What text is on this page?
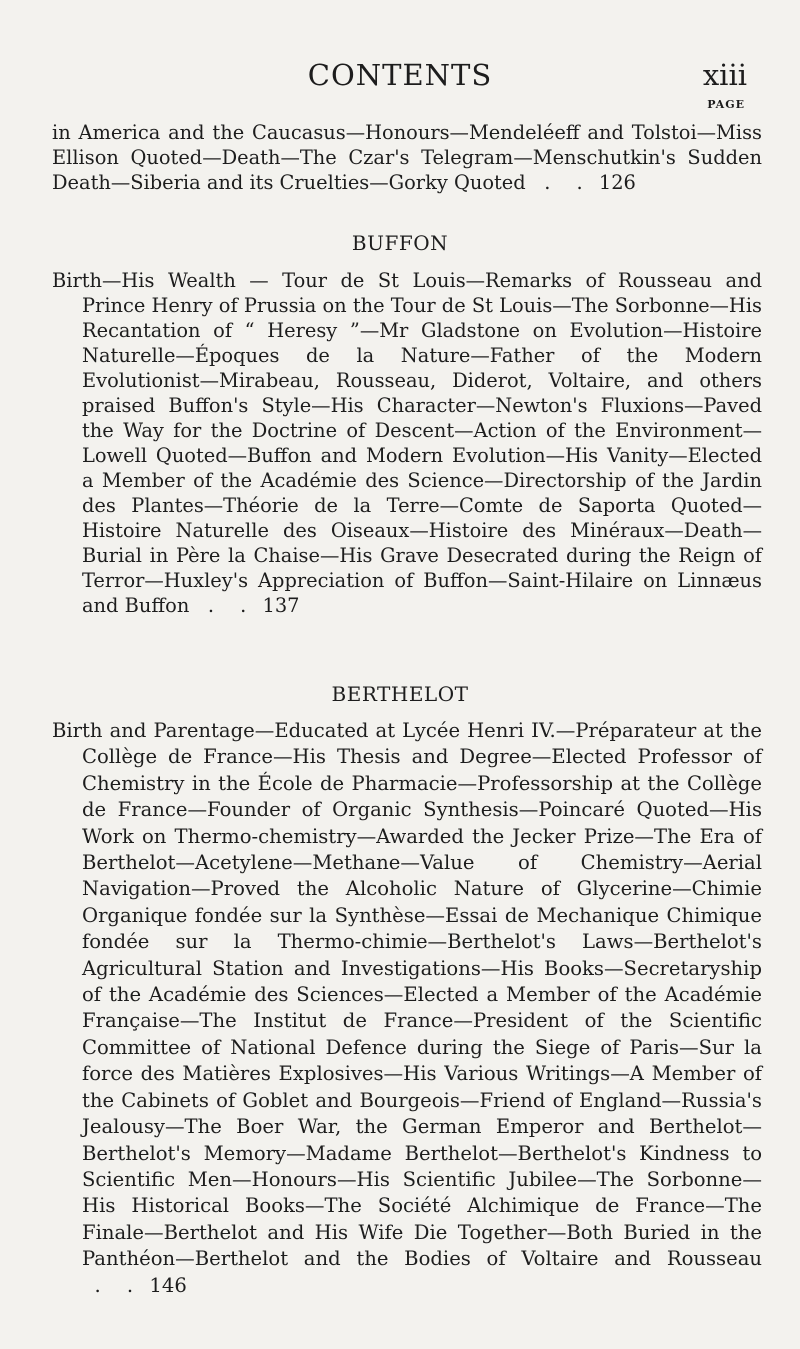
CONTENTS	xiii
PAGE

in America and the Caucasus—Honours—Mendeléeff and Tolstoi—Miss Ellison Quoted—Death—The Czar's Telegram—Menschutkin's Sudden Death—Siberia and its Cruelties—Gorky Quoted . . 126

BUFFON

Birth—His Wealth — Tour de St Louis—Remarks of Rousseau and Prince Henry of Prussia on the Tour de St Louis—The Sorbonne—His Recantation of “ Heresy ”—Mr Gladstone on Evolution—Histoire Naturelle—Époques de la Nature—Father of the Modern Evolutionist—Mirabeau, Rousseau, Diderot, Voltaire, and others praised Buffon's Style—His Character—Newton's Fluxions—Paved the Way for the Doctrine of Descent—Action of the Environment—Lowell Quoted—Buffon and Modern Evolution—His Vanity—Elected a Member of the Académie des Science—Directorship of the Jardin des Plantes—Théorie de la Terre—Comte de Saporta Quoted—Histoire Naturelle des Oiseaux—Histoire des Minéraux—Death—Burial in Père la Chaise—His Grave Desecrated during the Reign of Terror—Huxley's Appreciation of Buffon—Saint-Hilaire on Linnæus and Buffon . . 137

BERTHELOT

Birth and Parentage—Educated at Lycée Henri IV.—Préparateur at the Collège de France—His Thesis and Degree—Elected Professor of Chemistry in the École de Pharmacie—Professorship at the Collège de France—Founder of Organic Synthesis—Poincaré Quoted—His Work on Thermo-chemistry—Awarded the Jecker Prize—The Era of Berthelot—Acetylene—Methane—Value of Chemistry—Aerial Navigation—Proved the Alcoholic Nature of Glycerine—Chimie Organique fondée sur la Synthèse—Essai de Mechanique Chimique fondée sur la Thermo-chimie—Berthelot's Laws—Berthelot's Agricultural Station and Investigations—His Books—Secretaryship of the Académie des Sciences—Elected a Member of the Académie Française—The Institut de France—President of the Scientific Committee of National Defence during the Siege of Paris—Sur la force des Matières Explosives—His Various Writings—A Member of the Cabinets of Goblet and Bourgeois—Friend of England—Russia's Jealousy—The Boer War, the German Emperor and Berthelot—Berthelot's Memory—Madame Berthelot—Berthelot's Kindness to Scientific Men—Honours—His Scientific Jubilee—The Sorbonne—His Historical Books—The Société Alchimique de France—The Finale—Berthelot and His Wife Die Together—Both Buried in the Panthéon—Berthelot and the Bodies of Voltaire and Rousseau   . . 146
